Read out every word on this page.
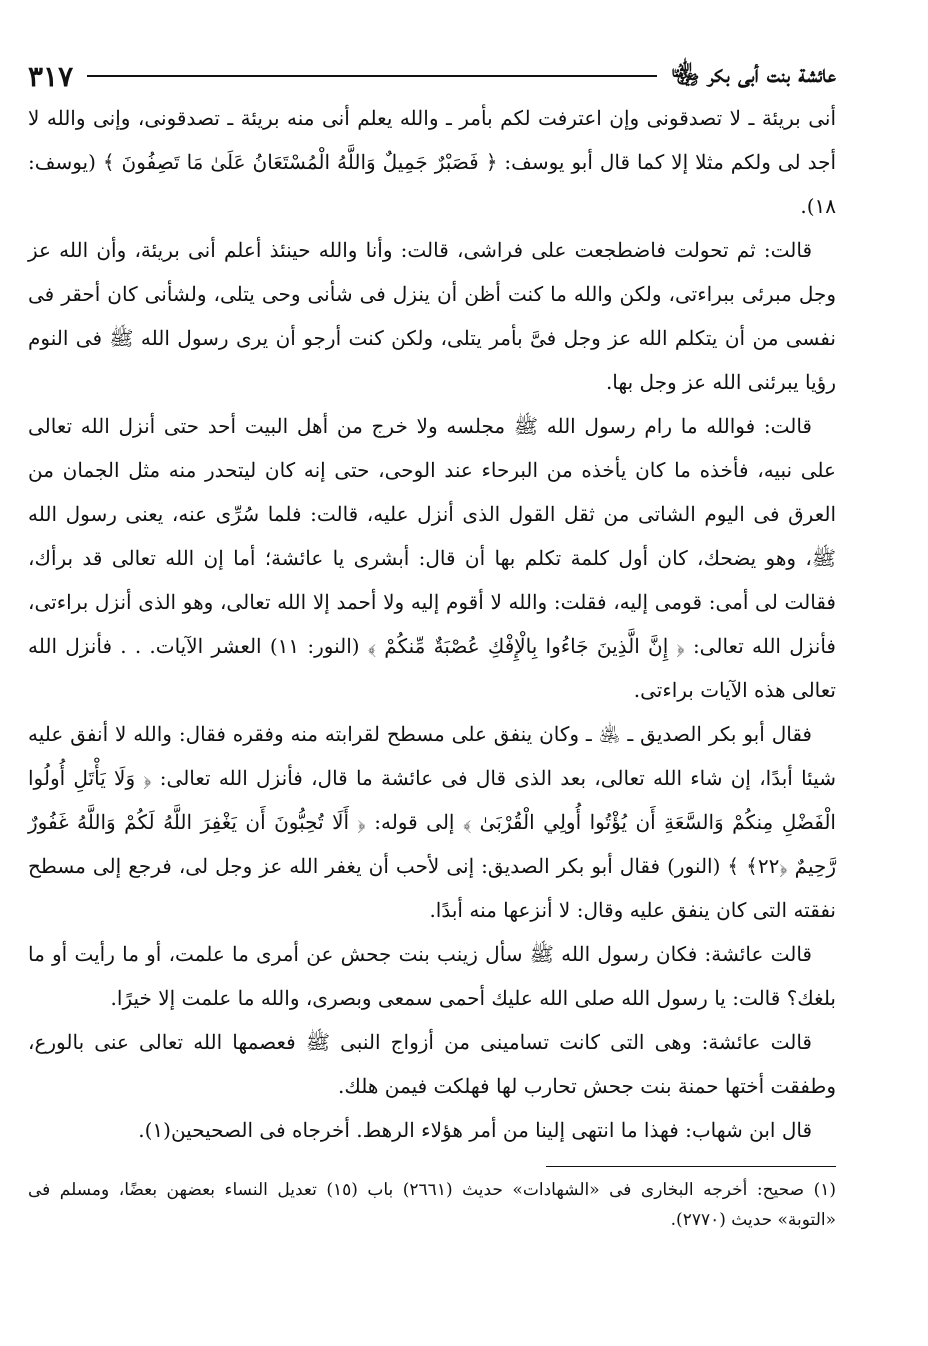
عائشة بنت أبى بكر ﵄
٣١٧

أنى بريئة ـ لا تصدقونى وإن اعترفت لكم بأمر ـ والله يعلم أنى منه بريئة ـ تصدقونى، وإنى والله لا أجد لى ولكم مثلا إلا كما قال أبو يوسف: ﴿ فَصَبْرٌ جَمِيلٌ وَاللَّهُ الْمُسْتَعَانُ عَلَىٰ مَا تَصِفُونَ ﴾ (يوسف: ١٨).

قالت: ثم تحولت فاضطجعت على فراشى، قالت: وأنا والله حينئذ أعلم أنى بريئة، وأن الله عز وجل مبرئى ببراءتى، ولكن والله ما كنت أظن أن ينزل فى شأنى وحى يتلى، ولشأنى كان أحقر فى نفسى من أن يتكلم الله عز وجل فىَّ بأمر يتلى، ولكن كنت أرجو أن يرى رسول الله ﷺ فى النوم رؤيا يبرئنى الله عز وجل بها.

قالت: فوالله ما رام رسول الله ﷺ مجلسه ولا خرج من أهل البيت أحد حتى أنزل الله تعالى على نبيه، فأخذه ما كان يأخذه من البرحاء عند الوحى، حتى إنه كان ليتحدر منه مثل الجمان من العرق فى اليوم الشاتى من ثقل القول الذى أنزل عليه، قالت: فلما سُرِّى عنه، يعنى رسول الله ﷺ، وهو يضحك، كان أول كلمة تكلم بها أن قال: أبشرى يا عائشة؛ أما إن الله تعالى قد برأك، فقالت لى أمى: قومى إليه، فقلت: والله لا أقوم إليه ولا أحمد إلا الله تعالى، وهو الذى أنزل براءتى، فأنزل الله تعالى: ﴿ إِنَّ الَّذِينَ جَاءُوا بِالْإِفْكِ عُصْبَةٌ مِّنكُمْ ﴾ (النور: ١١) العشر الآيات. . . فأنزل الله تعالى هذه الآيات براءتى.

فقال أبو بكر الصديق ـ ﵁ ـ وكان ينفق على مسطح لقرابته منه وفقره فقال: والله لا أنفق عليه شيئا أبدًا، إن شاء الله تعالى، بعد الذى قال فى عائشة ما قال، فأنزل الله تعالى: ﴿ وَلَا يَأْتَلِ أُولُوا الْفَضْلِ مِنكُمْ وَالسَّعَةِ أَن يُؤْتُوا أُولِي الْقُرْبَىٰ ﴾ إلى قوله: ﴿ أَلَا تُحِبُّونَ أَن يَغْفِرَ اللَّهُ لَكُمْ وَاللَّهُ غَفُورٌ رَّحِيمٌ ﴿٢٢﴾ ﴾ (النور) فقال أبو بكر الصديق: إنى لأحب أن يغفر الله عز وجل لى، فرجع إلى مسطح نفقته التى كان ينفق عليه وقال: لا أنزعها منه أبدًا.

قالت عائشة: فكان رسول الله ﷺ سأل زينب بنت جحش عن أمرى ما علمت، أو ما رأيت أو ما بلغك؟ قالت: يا رسول الله صلى الله عليك أحمى سمعى وبصرى، والله ما علمت إلا خيرًا.

قالت عائشة: وهى التى كانت تسامينى من أزواج النبى ﷺ فعصمها الله تعالى عنى بالورع، وطفقت أختها حمنة بنت جحش تحارب لها فهلكت فيمن هلك.

قال ابن شهاب: فهذا ما انتهى إلينا من أمر هؤلاء الرهط. أخرجاه فى الصحيحين(١).

(١) صحيح: أخرجه البخارى فى «الشهادات» حديث (٢٦٦١) باب (١٥) تعديل النساء بعضهن بعضًا، ومسلم فى «التوبة» حديث (٢٧٧٠).
